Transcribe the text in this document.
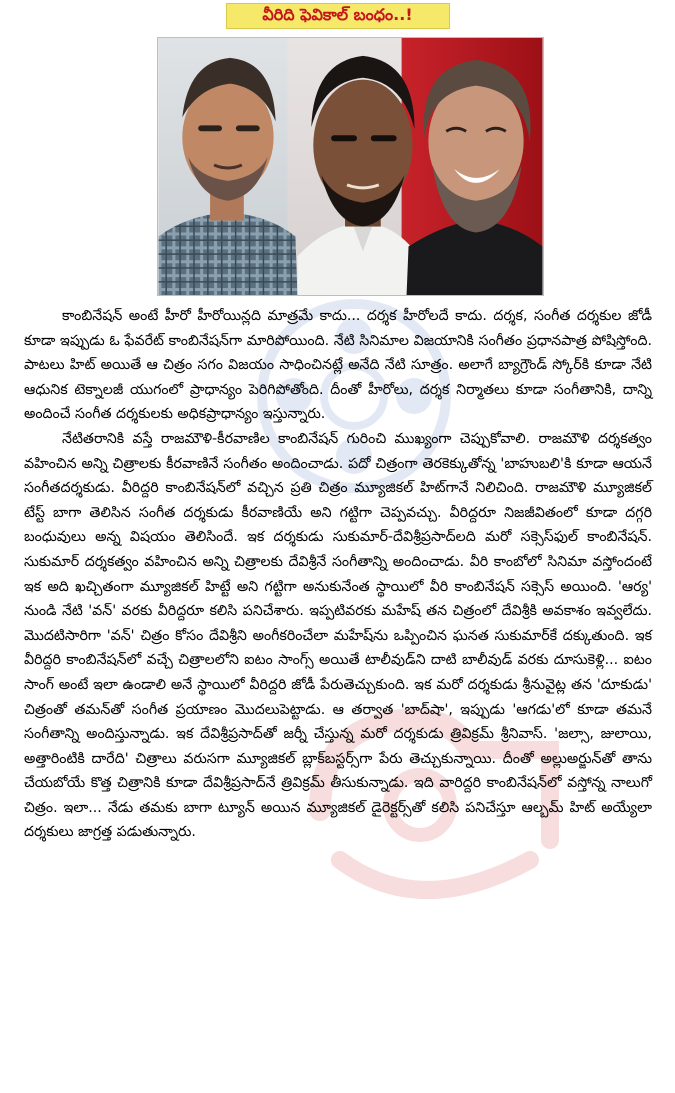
వీరిది ఫెవికాల్ బంధం..!

కాంబినేషన్ అంటే హీరో హీరోయిన్లది మాత్రమే కాదు... దర్శక హీరోలదే కాదు. దర్శక, సంగీత దర్శకుల జోడీ కూడా ఇప్పుడు ఓ ఫేవరేట్ కాంబినేషన్‌గా మారిపోయింది. నేటి సినిమాల విజయానికి సంగీతం ప్రధానపాత్ర పోషిస్తోంది. పాటలు హిట్ అయితే ఆ చిత్రం సగం విజయం సాధించినట్లే అనేది నేటి సూత్రం. అలాగే బ్యాగ్రౌండ్ స్కోర్‌కి కూడా నేటి ఆధునిక టెక్నాలజీ యుగంలో ప్రాధాన్యం పెరిగిపోతోంది. దీంతో హీరోలు, దర్శక నిర్మాతలు కూడా సంగీతానికి, దాన్ని అందించే సంగీత దర్శకులకు అధికప్రాధాన్యం ఇస్తున్నారు.

నేటితరానికి వస్తే రాజమౌళి-కీరవాణిల కాంబినేషన్ గురించి ముఖ్యంగా చెప్పుకోవాలి. రాజమౌళి దర్శకత్వం వహించిన అన్ని చిత్రాలకు కీరవాణినే సంగీతం అందించాడు. పదో చిత్రంగా తెరకెక్కుతోన్న 'బాహుబలి'కి కూడా ఆయనే సంగీతదర్శకుడు. వీరిద్దరి కాంబినేషన్‌లో వచ్చిన ప్రతి చిత్రం మ్యూజికల్ హిట్‌గానే నిలిచింది. రాజమౌళి మ్యూజికల్ టేస్ట్ బాగా తెలిసిన సంగీత దర్శకుడు కీరవాణియే అని గట్టిగా చెప్పవచ్చు. వీరిద్దరూ నిజజీవితంలో కూడా దగ్గరి బంధువులు అన్న విషయం తెలిసిందే. ఇక దర్శకుడు సుకుమార్-దేవిశ్రీప్రసాద్‌లది మరో సక్సెస్‌ఫుల్ కాంబినేషన్. సుకుమార్ దర్శకత్వం వహించిన అన్ని చిత్రాలకు దేవిశ్రీనే సంగీతాన్ని అందించాడు. వీరి కాంబోలో సినిమా వస్తోందంటే ఇక అది ఖచ్చితంగా మ్యూజికల్ హిట్టే అని గట్టిగా అనుకునేంత స్థాయిలో వీరి కాంబినేషన్ సక్సెస్ అయింది. 'ఆర్య' నుండి నేటి 'వన్' వరకు వీరిద్దరూ కలిసి పనిచేశారు. ఇప్పటివరకు మహేష్ తన చిత్రంలో దేవిశ్రీకి అవకాశం ఇవ్వలేదు. మొదటిసారిగా 'వన్' చిత్రం కోసం దేవిశ్రీని అంగీకరించేలా మహేష్‌ను ఒప్పించిన ఘనత సుకుమార్‌కే దక్కుతుంది. ఇక వీరిద్దరి కాంబినేషన్‌లో వచ్చే చిత్రాలలోని ఐటం సాంగ్స్ అయితే టాలీవుడ్‌ని దాటి బాలీవుడ్ వరకు దూసుకెళ్లి... ఐటం సాంగ్ అంటే ఇలా ఉండాలి అనే స్థాయిలో వీరిద్దరి జోడీ పేరుతెచ్చుకుంది. ఇక మరో దర్శకుడు శ్రీనువైట్ల తన 'దూకుడు' చిత్రంతో తమన్‌తో సంగీత ప్రయాణం మొదలుపెట్టాడు. ఆ తర్వాత 'బాద్‌షా', ఇప్పుడు 'ఆగడు'లో కూడా తమనే సంగీతాన్ని అందిస్తున్నాడు. ఇక దేవిశ్రీప్రసాద్‌తో జర్నీ చేస్తున్న మరో దర్శకుడు త్రివిక్రమ్ శ్రీనివాస్. 'జల్సా, జులాయి, అత్తారింటికి దారేది' చిత్రాలు వరుసగా మ్యూజికల్ బ్లాక్‌బస్టర్స్‌గా పేరు తెచ్చుకున్నాయి. దీంతో అల్లుఅర్జున్‌తో తాను చేయబోయే కొత్త చిత్రానికి కూడా దేవిశ్రీప్రసాద్‌నే త్రివిక్రమ్ తీసుకున్నాడు. ఇది వారిద్దరి కాంబినేషన్‌లో వస్తోన్న నాలుగో చిత్రం. ఇలా... నేడు తమకు బాగా ట్యూన్ అయిన మ్యూజికల్ డైరెక్టర్స్‌తో కలిసి పనిచేస్తూ ఆల్బమ్ హిట్ అయ్యేలా దర్శకులు జాగ్రత్త పడుతున్నారు.
